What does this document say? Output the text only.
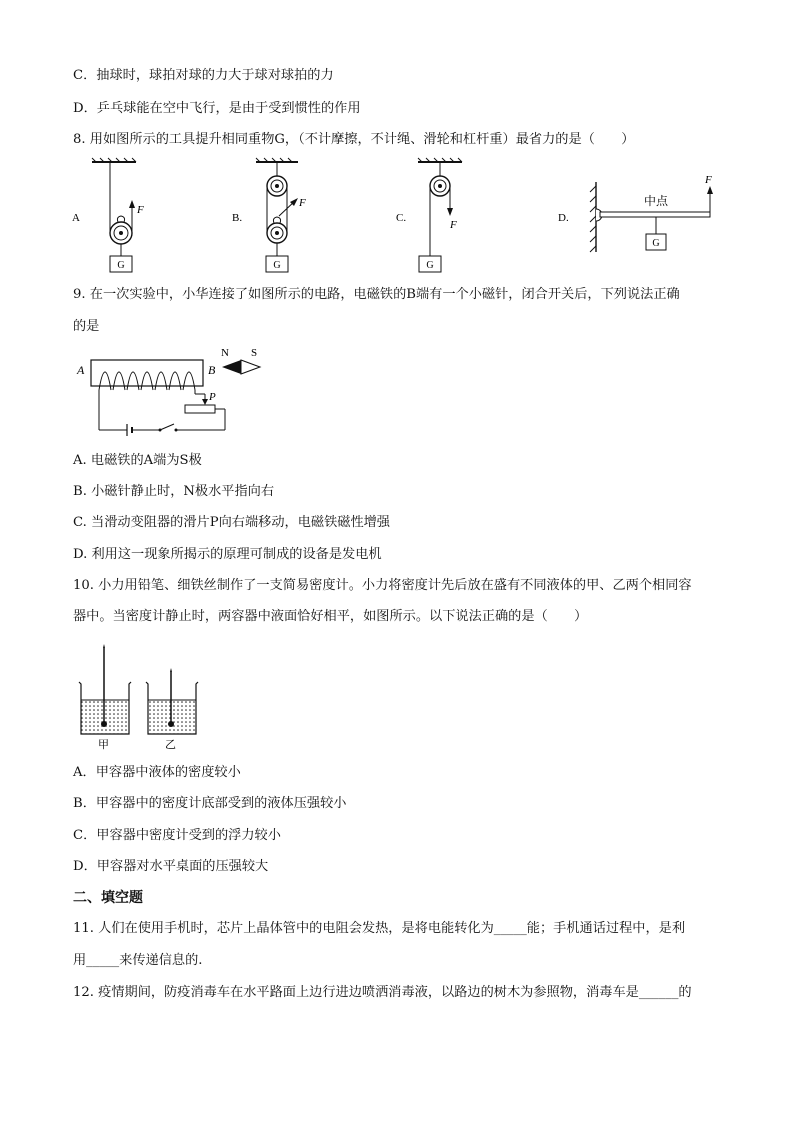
C．抽球时，球拍对球的力大于球对球拍的力
D．乒乓球能在空中飞行，是由于受到惯性的作用
8. 用如图所示的工具提升相同重物G，（不计摩擦，不计绳、滑轮和杠杆重）最省力的是（　　）
A
F
G
B.
F
G
C.
F
G
D.
F
中点
G
9. 在一次实验中，小华连接了如图所示的电路，电磁铁的B端有一个小磁针，闭合开关后，下列说法正确
的是
A	B
N S
P
A. 电磁铁的A端为S极
B. 小磁针静止时，N极水平指向右
C. 当滑动变阻器的滑片P向右端移动，电磁铁磁性增强
D. 利用这一现象所揭示的原理可制成的设备是发电机
10. 小力用铅笔、细铁丝制作了一支简易密度计。小力将密度计先后放在盛有不同液体的甲、乙两个相同容
器中。当密度计静止时，两容器中液面恰好相平，如图所示。以下说法正确的是（　　）
甲	乙
A．甲容器中液体的密度较小
B．甲容器中的密度计底部受到的液体压强较小
C．甲容器中密度计受到的浮力较小
D．甲容器对水平桌面的压强较大
二、填空题
11. 人们在使用手机时，芯片上晶体管中的电阻会发热，是将电能转化为_____能；手机通话过程中，是利
用_____来传递信息的.
12. 疫情期间，防疫消毒车在水平路面上边行进边喷洒消毒液，以路边的树木为参照物，消毒车是______的
